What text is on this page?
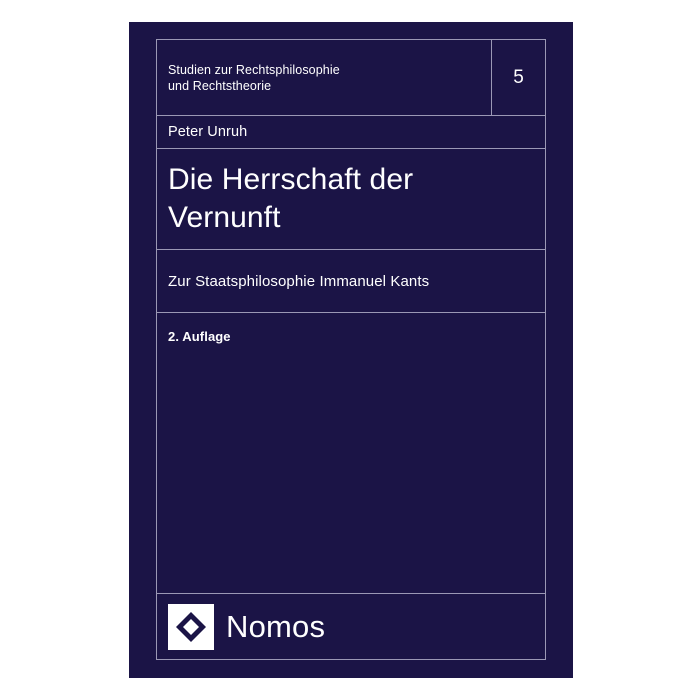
Studien zur Rechtsphilosophie
und Rechtstheorie	5
Peter Unruh
Die Herrschaft der
Vernunft
Zur Staatsphilosophie Immanuel Kants
2. Auflage
Nomos
